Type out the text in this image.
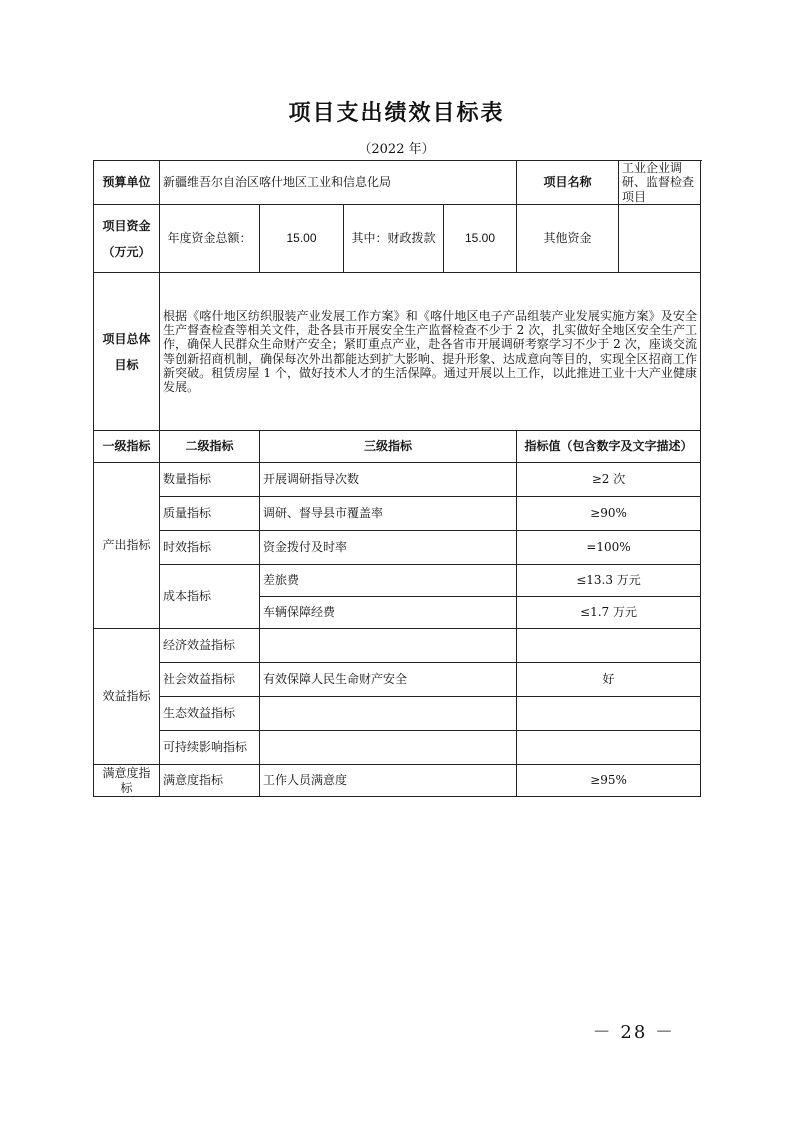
项目支出绩效目标表
（2022 年）
预算单位	新疆维吾尔自治区喀什地区工业和信息化局				项目名称	工业企业调研、监督检查项目
项目资金
（万元）	年度资金总额：	15.00	其中：财政拨款	15.00	其他资金	
项目总体目标	根据《喀什地区纺织服装产业发展工作方案》和《喀什地区电子产品组装产业发展实施方案》及安全生产督查检查等相关文件，赴各县市开展安全生产监督检查不少于 2 次，扎实做好全地区安全生产工作，确保人民群众生命财产安全；紧盯重点产业，赴各省市开展调研考察学习不少于 2 次，座谈交流等创新招商机制，确保每次外出都能达到扩大影响、提升形象、达成意向等目的，实现全区招商工作新突破。租赁房屋 1 个，做好技术人才的生活保障。通过开展以上工作，以此推进工业十大产业健康发展。					
一级指标	二级指标	三级指标			指标值（包含数字及文字描述）	
产出指标	数量指标	开展调研指导次数			≥2 次	
	质量指标	调研、督导县市覆盖率			≥90%	
	时效指标	资金拨付及时率			=100%	
	成本指标	差旅费			≤13.3 万元	
		车辆保障经费			≤1.7 万元	
效益指标	经济效益指标					
	社会效益指标	有效保障人民生命财产安全			好	
	生态效益指标					
	可持续影响指标					
满意度指标	满意度指标	工作人员满意度			≥95%	
－ 28 －
